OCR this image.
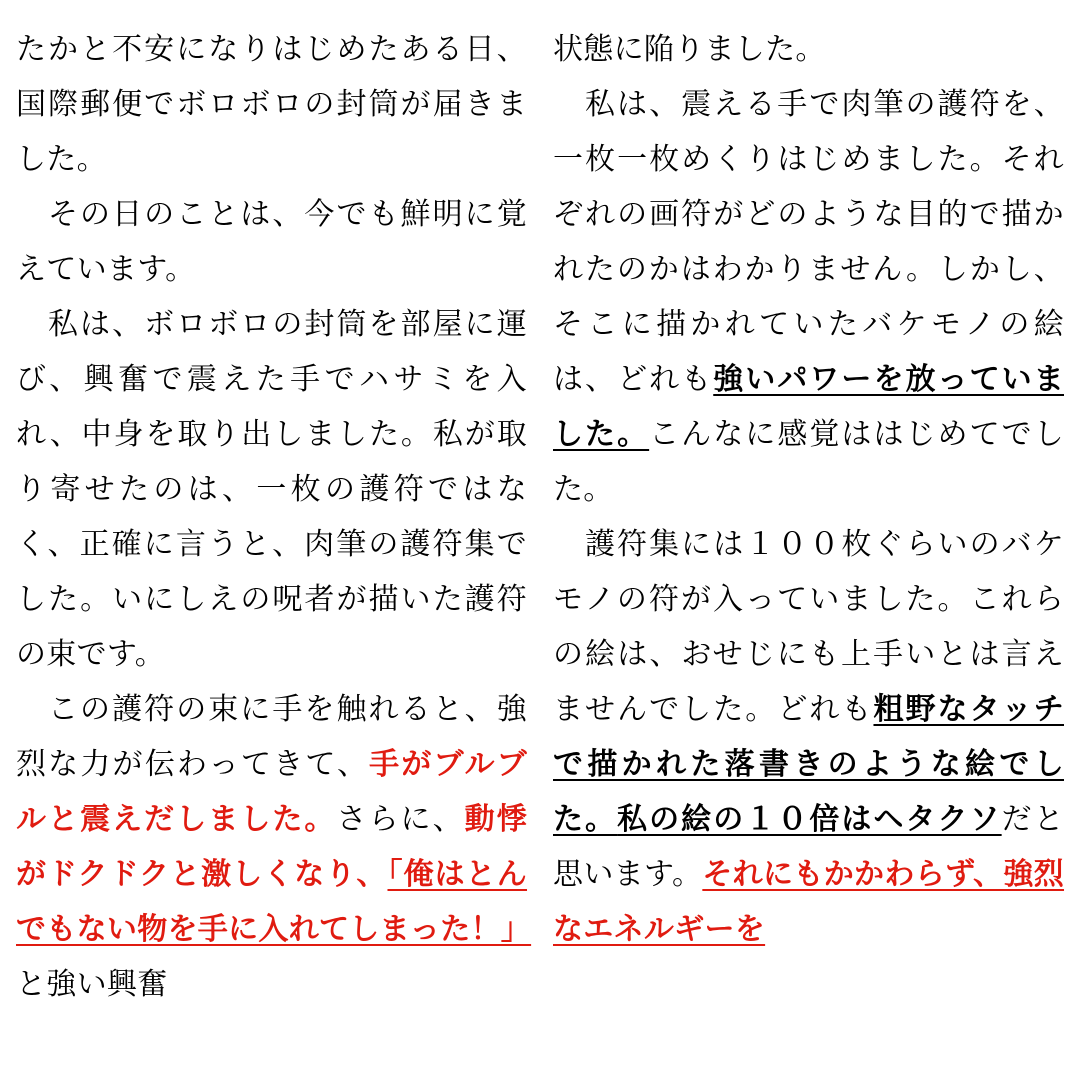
たかと不安になりはじめたある日、国際郵便でボロボロの封筒が届きました。

その日のことは、今でも鮮明に覚えています。

私は、ボロボロの封筒を部屋に運び、興奮で震えた手でハサミを入れ、中身を取り出しました。私が取り寄せたのは、一枚の護符ではなく、正確に言うと、肉筆の護符集でした。いにしえの呪者が描いた護符の束です。

この護符の束に手を触れると、強烈な力が伝わってきて、手がブルブルと震えだしました。さらに、動悸がドクドクと激しくなり、「俺はとんでもない物を手に入れてしまった！」と強い興奮

状態に陥りました。

私は、震える手で肉筆の護符を、一枚一枚めくりはじめました。それぞれの画符がどのような目的で描かれたのかはわかりません。しかし、そこに描かれていたバケモノの絵は、どれも強いパワーを放っていました。こんなに感覚ははじめてでした。

護符集には１００枚ぐらいのバケモノの符が入っていました。これらの絵は、おせじにも上手いとは言えませんでした。どれも粗野なタッチで描かれた落書きのような絵でした。私の絵の１０倍はヘタクソだと思います。それにもかかわらず、強烈なエネルギーを
